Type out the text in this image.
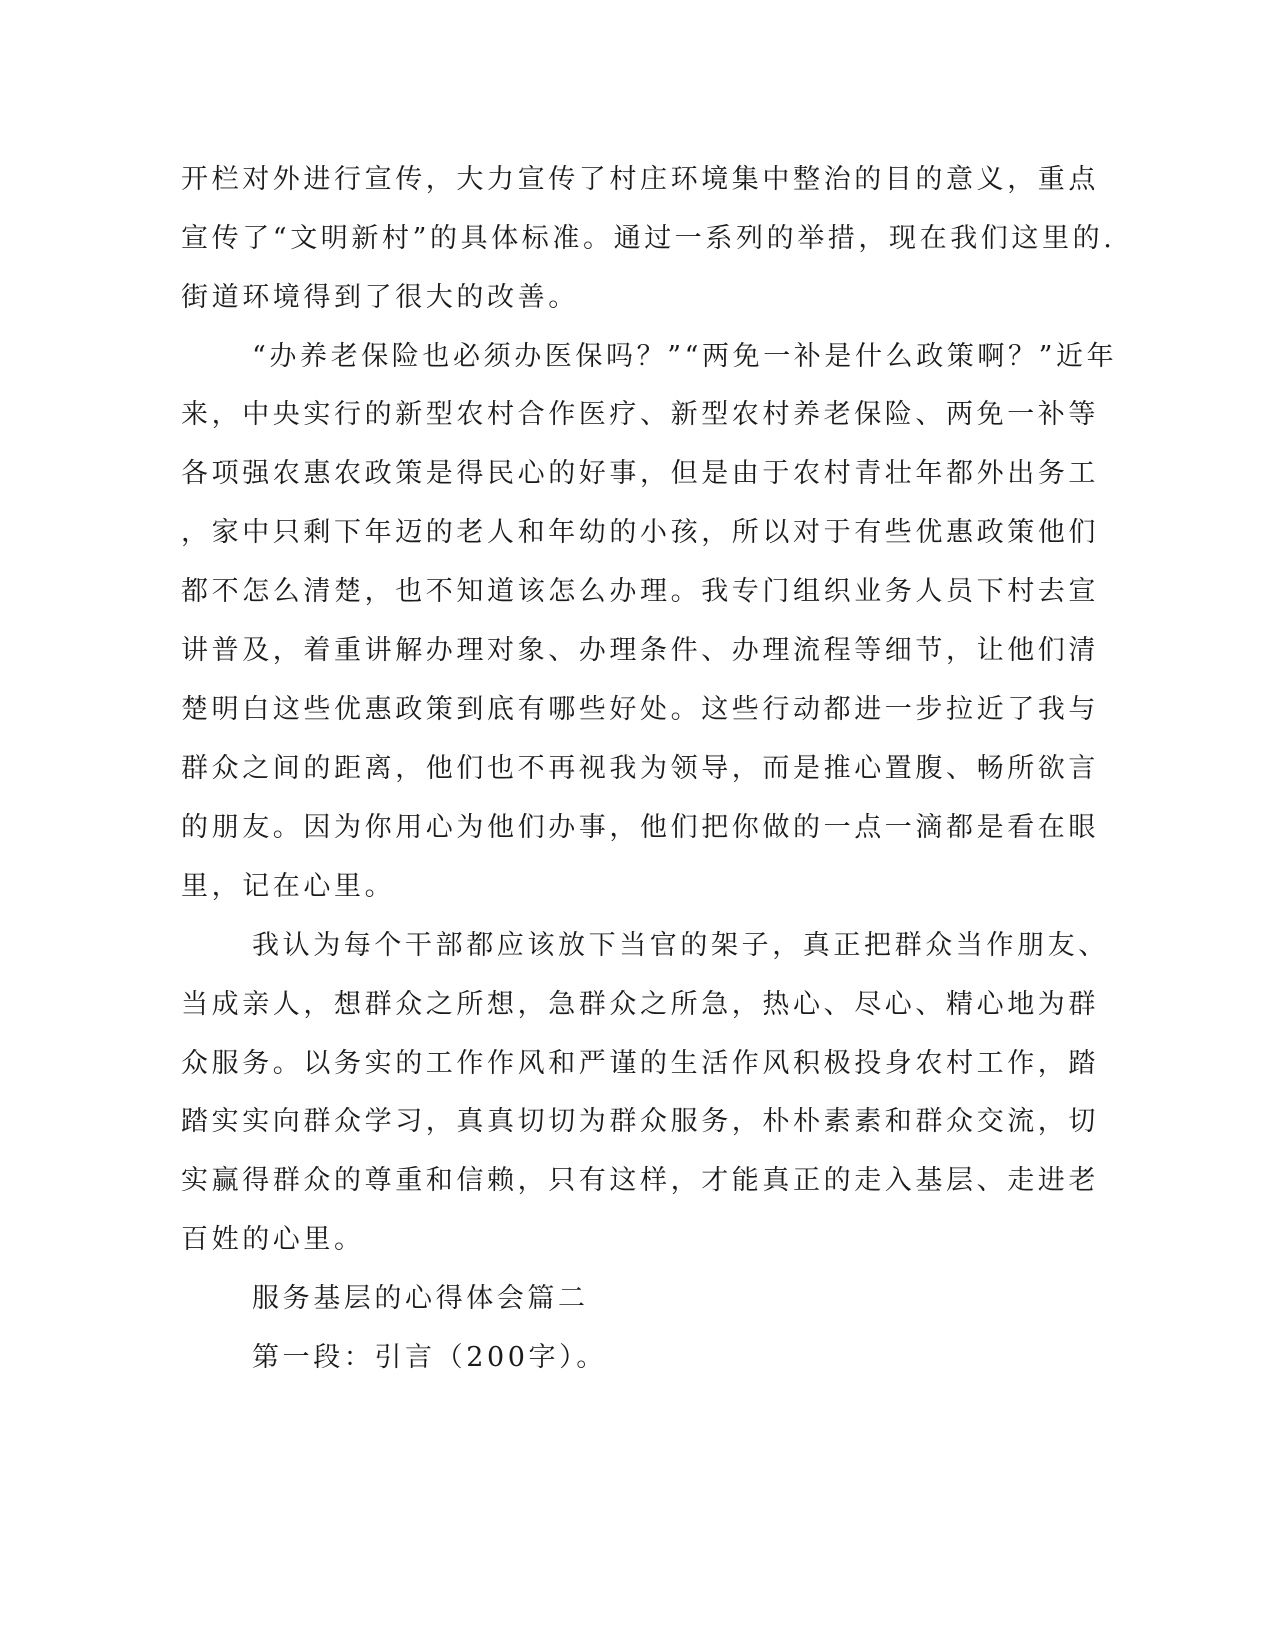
开栏对外进行宣传，大力宣传了村庄环境集中整治的目的意义，重点
宣传了“文明新村”的具体标准。通过一系列的举措，现在我们这里的.
街道环境得到了很大的改善。
“办养老保险也必须办医保吗？”“两免一补是什么政策啊？”近年
来，中央实行的新型农村合作医疗、新型农村养老保险、两免一补等
各项强农惠农政策是得民心的好事，但是由于农村青壮年都外出务工
，家中只剩下年迈的老人和年幼的小孩，所以对于有些优惠政策他们
都不怎么清楚，也不知道该怎么办理。我专门组织业务人员下村去宣
讲普及，着重讲解办理对象、办理条件、办理流程等细节，让他们清
楚明白这些优惠政策到底有哪些好处。这些行动都进一步拉近了我与
群众之间的距离，他们也不再视我为领导，而是推心置腹、畅所欲言
的朋友。因为你用心为他们办事，他们把你做的一点一滴都是看在眼
里，记在心里。
我认为每个干部都应该放下当官的架子，真正把群众当作朋友、
当成亲人，想群众之所想，急群众之所急，热心、尽心、精心地为群
众服务。以务实的工作作风和严谨的生活作风积极投身农村工作，踏
踏实实向群众学习，真真切切为群众服务，朴朴素素和群众交流，切
实赢得群众的尊重和信赖，只有这样，才能真正的走入基层、走进老
百姓的心里。
服务基层的心得体会篇二
第一段：引言（200字）。
